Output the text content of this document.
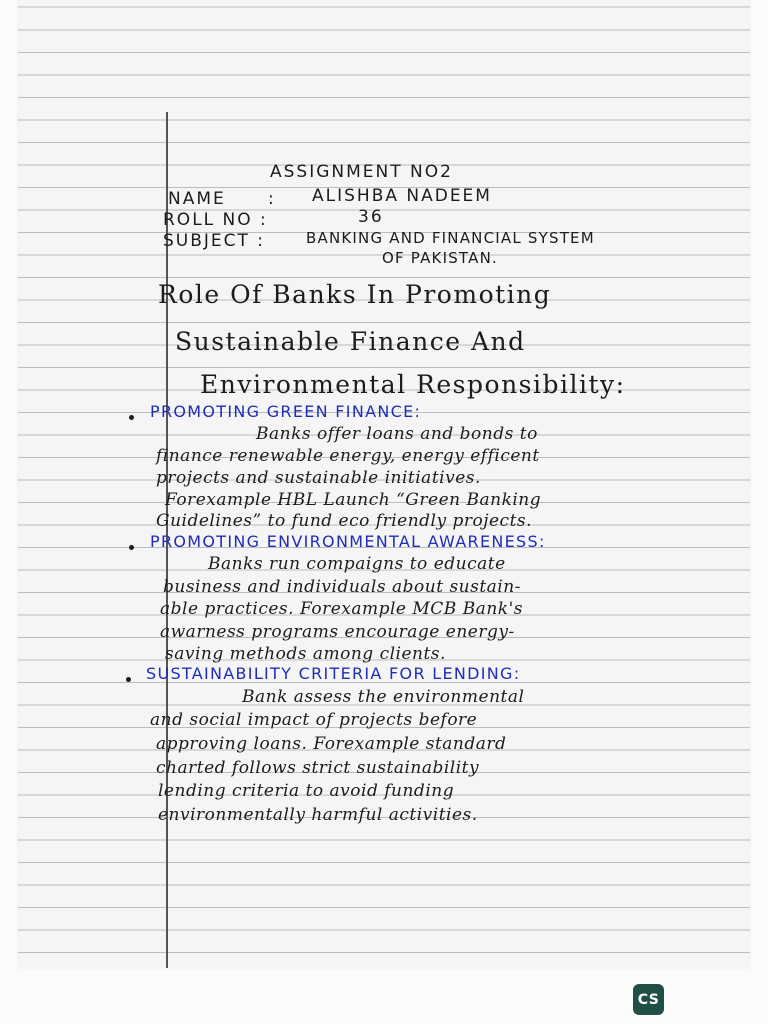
ASSIGNMENT NO2
NAME : ALISHBA NADEEM
ROLL NO :	36
SUBJECT :	BANKING AND FINANCIAL SYSTEM
OF PAKISTAN.
Role Of Banks In Promoting
Sustainable Finance And
Environmental Responsibility:
PROMOTING GREEN FINANCE:
Banks offer loans and bonds to
finance renewable energy, energy efficent
projects and sustainable initiatives.
Forexample HBL Launch “Green Banking
Guidelines” to fund eco friendly projects.
PROMOTING ENVIRONMENTAL AWARENESS:
Banks run compaigns to educate
business and individuals about sustain-
able practices. Forexample MCB Bank's
awarness programs encourage energy-
saving methods among clients.
SUSTAINABILITY CRITERIA FOR LENDING:
Bank assess the environmental
and social impact of projects before
approving loans. Forexample standard
charted follows strict sustainability
lending criteria to avoid funding
environmentally harmful activities.
CS
